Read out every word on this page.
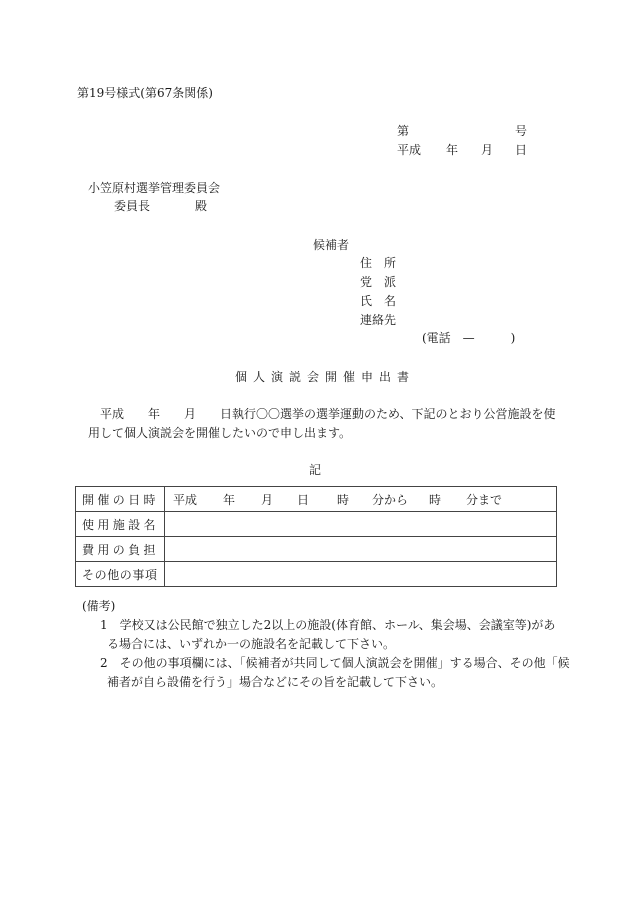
第19号様式(第67条関係)
第	号
平成 年 月 日
小笠原村選挙管理委員会
委員長	殿
候補者
住　所
党　派
氏　名
連絡先
(電話　—　　　)
個人演説会開催申出書
平成　　年　　月　　日執行〇〇選挙の選挙運動のため、下記のとおり公営施設を使
用して個人演説会を開催したいので申し出ます。
記
開催の日時	平成 年 月 日 時 分から 時 分まで

使用施設名	
費用の負担	
その他の事項	
(備考)
1　学校又は公民館で独立した2以上の施設(体育館、ホール、集会場、会議室等)があ
る場合には、いずれか一の施設名を記載して下さい。
2　その他の事項欄には、「候補者が共同して個人演説会を開催」する場合、その他「候
補者が自ら設備を行う」場合などにその旨を記載して下さい。
